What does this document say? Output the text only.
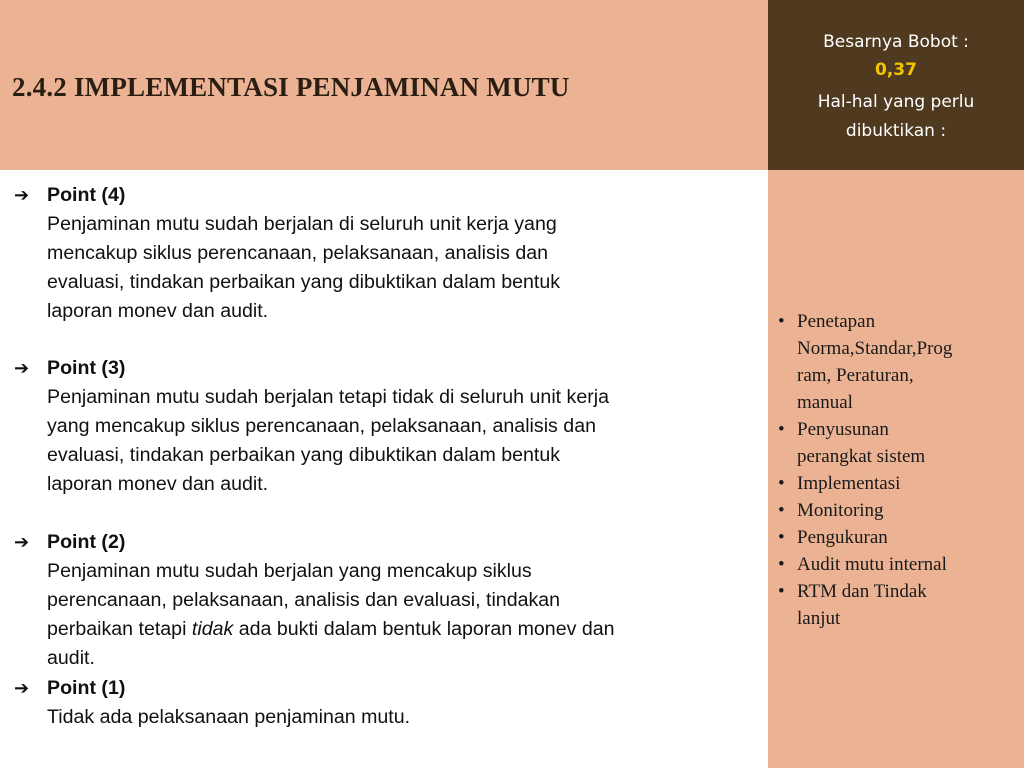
2.4.2 IMPLEMENTASI PENJAMINAN MUTU
Besarnya Bobot :
0,37
Hal-hal yang perlu
dibuktikan :
➔ Point (4)
Penjaminan mutu sudah berjalan di seluruh unit kerja yang
mencakup siklus perencanaan, pelaksanaan, analisis dan
evaluasi, tindakan perbaikan yang dibuktikan dalam bentuk
laporan monev dan audit.
➔ Point (3)
Penjaminan mutu sudah berjalan tetapi tidak di seluruh unit kerja
yang mencakup siklus perencanaan, pelaksanaan, analisis dan
evaluasi, tindakan perbaikan yang dibuktikan dalam bentuk
laporan monev dan audit.
➔ Point (2)
Penjaminan mutu sudah berjalan yang mencakup siklus
perencanaan, pelaksanaan, analisis dan evaluasi, tindakan
perbaikan tetapi tidak ada bukti dalam bentuk laporan monev dan
audit.
➔ Point (1)
Tidak ada pelaksanaan penjaminan mutu.
• Penetapan
Norma,Standar,Prog
ram, Peraturan,
manual
• Penyusunan
perangkat sistem
• Implementasi
• Monitoring
• Pengukuran
• Audit mutu internal
• RTM dan Tindak
lanjut
